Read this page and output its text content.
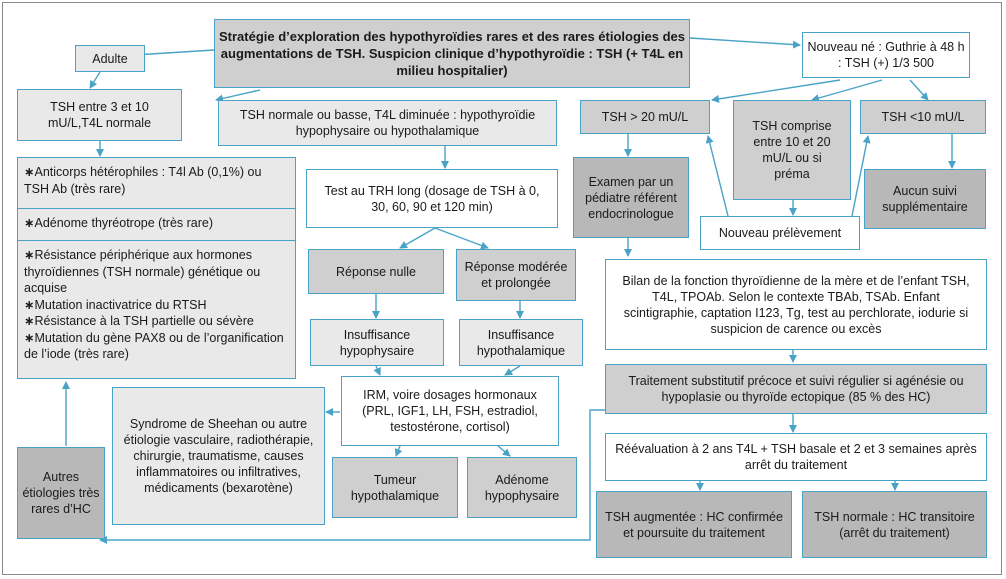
Stratégie d’exploration des hypothyroïdies rares et des rares étiologies des augmentations de TSH. Suspicion clinique d’hypothyroïdie : TSH (+ T4L en milieu hospitalier)
Adulte
Nouveau né : Guthrie à 48 h : TSH (+) 1/3 500
TSH entre 3 et 10 mU/L,T4L normale
TSH normale ou basse, T4L diminuée : hypothyroïdie hypophysaire ou hypothalamique
TSH > 20 mU/L
TSH comprise entre 10 et 20 mU/L ou si préma
TSH <10 mU/L
Examen par un pédiatre référent endocrinologue
Nouveau prélèvement
Aucun suivi supplémentaire
∗ Anticorps hétérophiles : T4l Ab (0,1%) ou TSH Ab (très rare)
∗ Adénome thyréotrope (très rare)
∗ Résistance périphérique aux hormones thyroïdiennes (TSH normale) génétique ou acquise
∗ Mutation inactivatrice du RTSH
∗ Résistance à la TSH partielle ou sévère
∗ Mutation du gène PAX8 ou de l’organification de l’iode (très rare)
Test au TRH long (dosage de TSH à 0, 30, 60, 90 et 120 min)
Réponse nulle	Réponse modérée et prolongée
Insuffisance hypophysaire
Insuffisance hypothalamique
IRM, voire dosages hormonaux (PRL, IGF1, LH, FSH, estradiol, testostérone, cortisol)
Syndrome de Sheehan ou autre étiologie vasculaire, radiothérapie, chirurgie, traumatisme, causes inflammatoires ou infiltratives, médicaments (bexarotène)
Tumeur hypothalamique
Adénome hypophysaire
Autres étiologies très rares d’HC
Bilan de la fonction thyroïdienne de la mère et de l’enfant TSH, T4L, TPOAb. Selon le contexte TBAb, TSAb. Enfant scintigraphie, captation I123, Tg, test au perchlorate, iodurie si suspicion de carence ou excès
Traitement substitutif précoce et suivi régulier si agénésie ou hypoplasie ou thyroïde ectopique (85 % des HC)
Réévaluation à 2 ans T4L + TSH basale et 2 et 3 semaines après arrêt du traitement
TSH augmentée : HC confirmée et poursuite du traitement
TSH normale : HC transitoire (arrêt du traitement)
